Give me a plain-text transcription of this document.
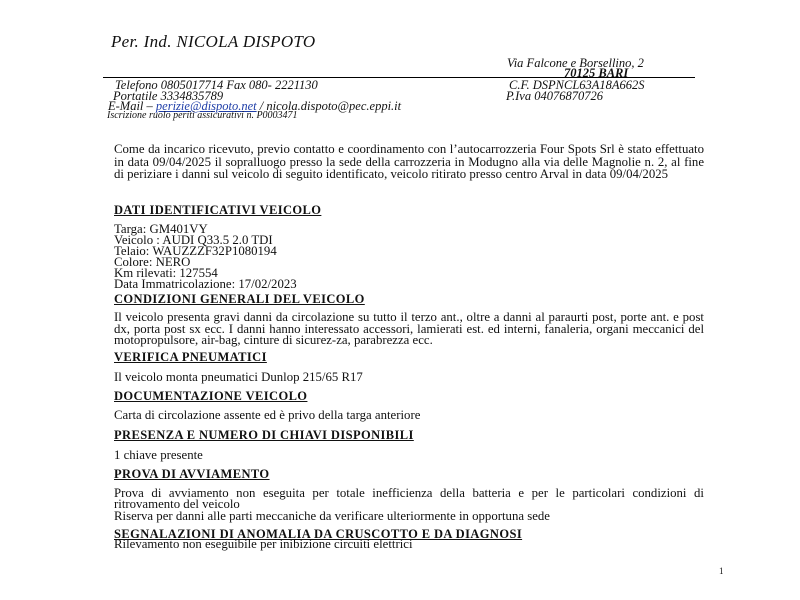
Per. Ind. NICOLA DISPOTO
Via Falcone e Borsellino, 2
70125 BARI
Telefono 0805017714 Fax 080- 2221130	C.F. DSPNCL63A18A662S
Portatile 3334835789	P.Iva 04076870726
E-Mail – perizie@dispoto.net / nicola.dispoto@pec.eppi.it
Iscrizione ruolo periti assicurativi n. P0003471
Come da incarico ricevuto, previo contatto e coordinamento con l’autocarrozzeria Four Spots Srl è stato effettuato in data 09/04/2025 il sopralluogo presso la sede della carrozzeria in Modugno alla via delle Magnolie n. 2, al fine di periziare i danni sul veicolo di seguito identificato, veicolo ritirato presso centro Arval in data 09/04/2025
DATI IDENTIFICATIVI VEICOLO
Targa: GM401VY
Veicolo : AUDI Q33.5 2.0 TDI
Telaio: WAUZZZF32P1080194
Colore: NERO
Km rilevati: 127554
Data Immatricolazione: 17/02/2023
CONDIZIONI GENERALI DEL VEICOLO
Il veicolo presenta gravi danni da circolazione su tutto il terzo ant., oltre a danni al paraurti post, porte ant. e post dx, porta post sx ecc. I danni hanno interessato accessori, lamierati est. ed interni, fanaleria, organi meccanici del motopropulsore, air-bag, cinture di sicurez-za, parabrezza ecc.
VERIFICA PNEUMATICI
Il veicolo monta pneumatici Dunlop 215/65 R17
DOCUMENTAZIONE VEICOLO
Carta di circolazione assente ed è privo della targa anteriore
PRESENZA E NUMERO DI CHIAVI DISPONIBILI
1 chiave presente
PROVA DI AVVIAMENTO
Prova di avviamento non eseguita per totale inefficienza della batteria e per le particolari condizioni di ritrovamento del veicolo
Riserva per danni alle parti meccaniche da verificare ulteriormente in opportuna sede
SEGNALAZIONI DI ANOMALIA DA CRUSCOTTO E DA DIAGNOSI
Rilevamento non eseguibile per inibizione circuiti elettrici
1
